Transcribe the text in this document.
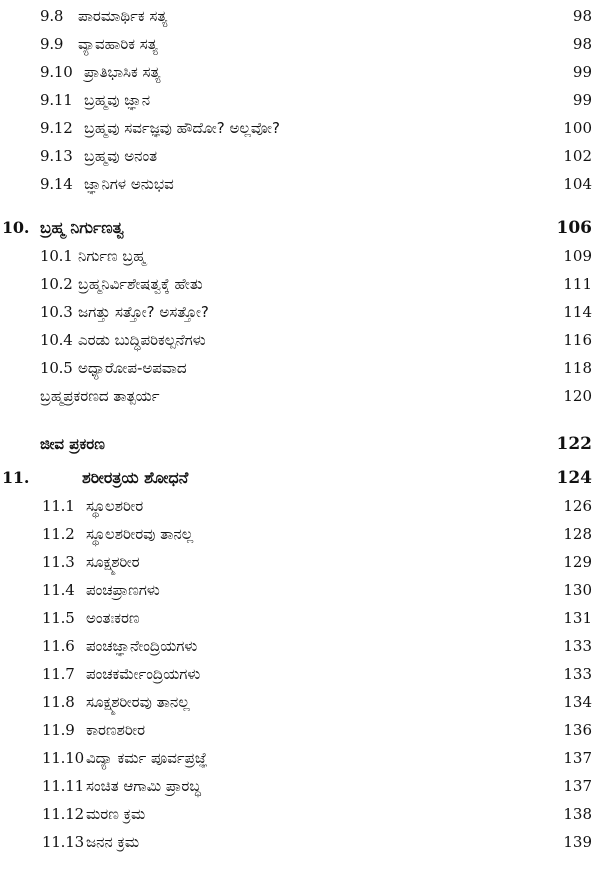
9.8 ಪಾರಮಾರ್ಥಿಕ ಸತ್ಯ	98
9.9 ವ್ಯಾವಹಾರಿಕ ಸತ್ಯ	98
9.10 ಪ್ರಾತಿಭಾಸಿಕ ಸತ್ಯ	99
9.11 ಬ್ರಹ್ಮವು ಜ್ಞಾನ	99
9.12 ಬ್ರಹ್ಮವು ಸರ್ವಜ್ಞವು ಹೌದೋ? ಅಲ್ಲವೋ?	100
9.13 ಬ್ರಹ್ಮವು ಅನಂತ	102
9.14 ಜ್ಞಾನಿಗಳ ಅನುಭವ	104
10. ಬ್ರಹ್ಮ ನಿರ್ಗುಣತ್ವ	106
10.1 ನಿರ್ಗುಣ ಬ್ರಹ್ಮ	109
10.2 ಬ್ರಹ್ಮನಿರ್ವಿಶೇಷತ್ವಕ್ಕೆ ಹೇತು	111
10.3 ಜಗತ್ತು ಸತ್ತೋ? ಅಸತ್ತೋ?	114
10.4 ಎರಡು ಬುದ್ಧಿಪರಿಕಲ್ಪನೆಗಳು	116
10.5 ಅಧ್ಯಾರೋಪ-ಅಪವಾದ	118
ಬ್ರಹ್ಮಪ್ರಕರಣದ ತಾತ್ಪರ್ಯ	120
ಜೀವ ಪ್ರಕರಣ	122
11.	ಶರೀರತ್ರಯ ಶೋಧನೆ	124
11.1 ಸ್ಥೂಲಶರೀರ	126
11.2 ಸ್ಥೂಲಶರೀರವು ತಾನಲ್ಲ	128
11.3 ಸೂಕ್ಷ್ಮಶರೀರ	129
11.4 ಪಂಚಪ್ರಾಣಗಳು	130
11.5 ಅಂತಃಕರಣ	131
11.6 ಪಂಚಜ್ಞಾನೇಂದ್ರಿಯಗಳು	133
11.7 ಪಂಚಕರ್ಮೇಂದ್ರಿಯಗಳು	133
11.8 ಸೂಕ್ಷ್ಮಶರೀರವು ತಾನಲ್ಲ	134
11.9 ಕಾರಣಶರೀರ	136
11.10 ವಿದ್ಯಾ ಕರ್ಮ ಪೂರ್ವಪ್ರಜ್ಞೆ	137
11.11 ಸಂಚಿತ ಆಗಾಮಿ ಪ್ರಾರಬ್ಧ	137
11.12 ಮರಣ ಕ್ರಮ	138
11.13 ಜನನ ಕ್ರಮ	139
